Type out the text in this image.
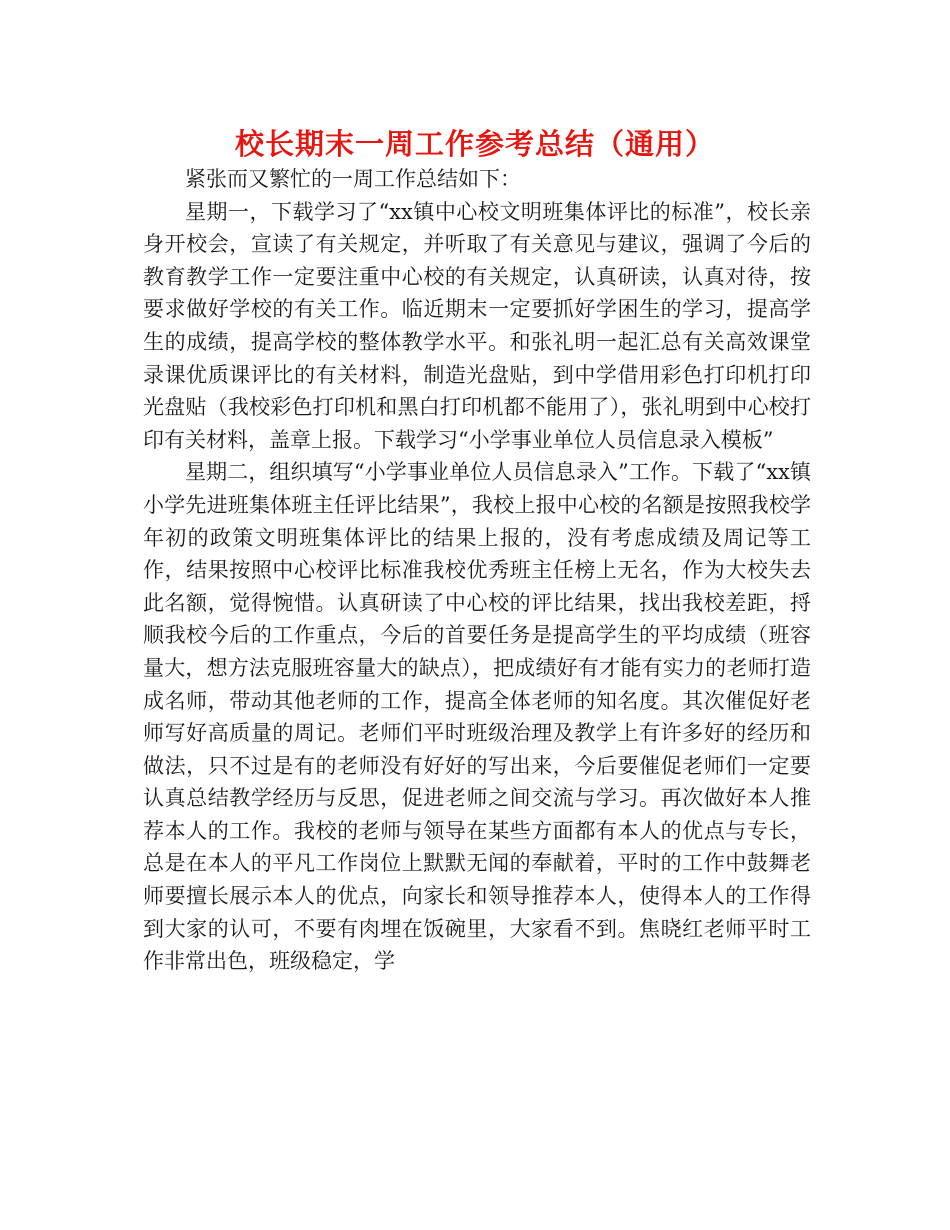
校长期末一周工作参考总结（通用）

紧张而又繁忙的一周工作总结如下：

星期一，下载学习了“xx镇中心校文明班集体评比的标准”，校长亲身开校会，宣读了有关规定，并听取了有关意见与建议，强调了今后的教育教学工作一定要注重中心校的有关规定，认真研读，认真对待，按要求做好学校的有关工作。临近期末一定要抓好学困生的学习，提高学生的成绩，提高学校的整体教学水平。和张礼明一起汇总有关高效课堂录课优质课评比的有关材料，制造光盘贴，到中学借用彩色打印机打印光盘贴（我校彩色打印机和黑白打印机都不能用了），张礼明到中心校打印有关材料，盖章上报。下载学习“小学事业单位人员信息录入模板”

星期二，组织填写“小学事业单位人员信息录入”工作。下载了“xx镇小学先进班集体班主任评比结果”，我校上报中心校的名额是按照我校学年初的政策文明班集体评比的结果上报的，没有考虑成绩及周记等工作，结果按照中心校评比标准我校优秀班主任榜上无名，作为大校失去此名额，觉得惋惜。认真研读了中心校的评比结果，找出我校差距，捋顺我校今后的工作重点，今后的首要任务是提高学生的平均成绩（班容量大，想方法克服班容量大的缺点），把成绩好有才能有实力的老师打造成名师，带动其他老师的工作，提高全体老师的知名度。其次催促好老师写好高质量的周记。老师们平时班级治理及教学上有许多好的经历和做法，只不过是有的老师没有好好的写出来，今后要催促老师们一定要认真总结教学经历与反思，促进老师之间交流与学习。再次做好本人推荐本人的工作。我校的老师与领导在某些方面都有本人的优点与专长，总是在本人的平凡工作岗位上默默无闻的奉献着，平时的工作中鼓舞老师要擅长展示本人的优点，向家长和领导推荐本人，使得本人的工作得到大家的认可，不要有肉埋在饭碗里，大家看不到。焦晓红老师平时工作非常出色，班级稳定，学
